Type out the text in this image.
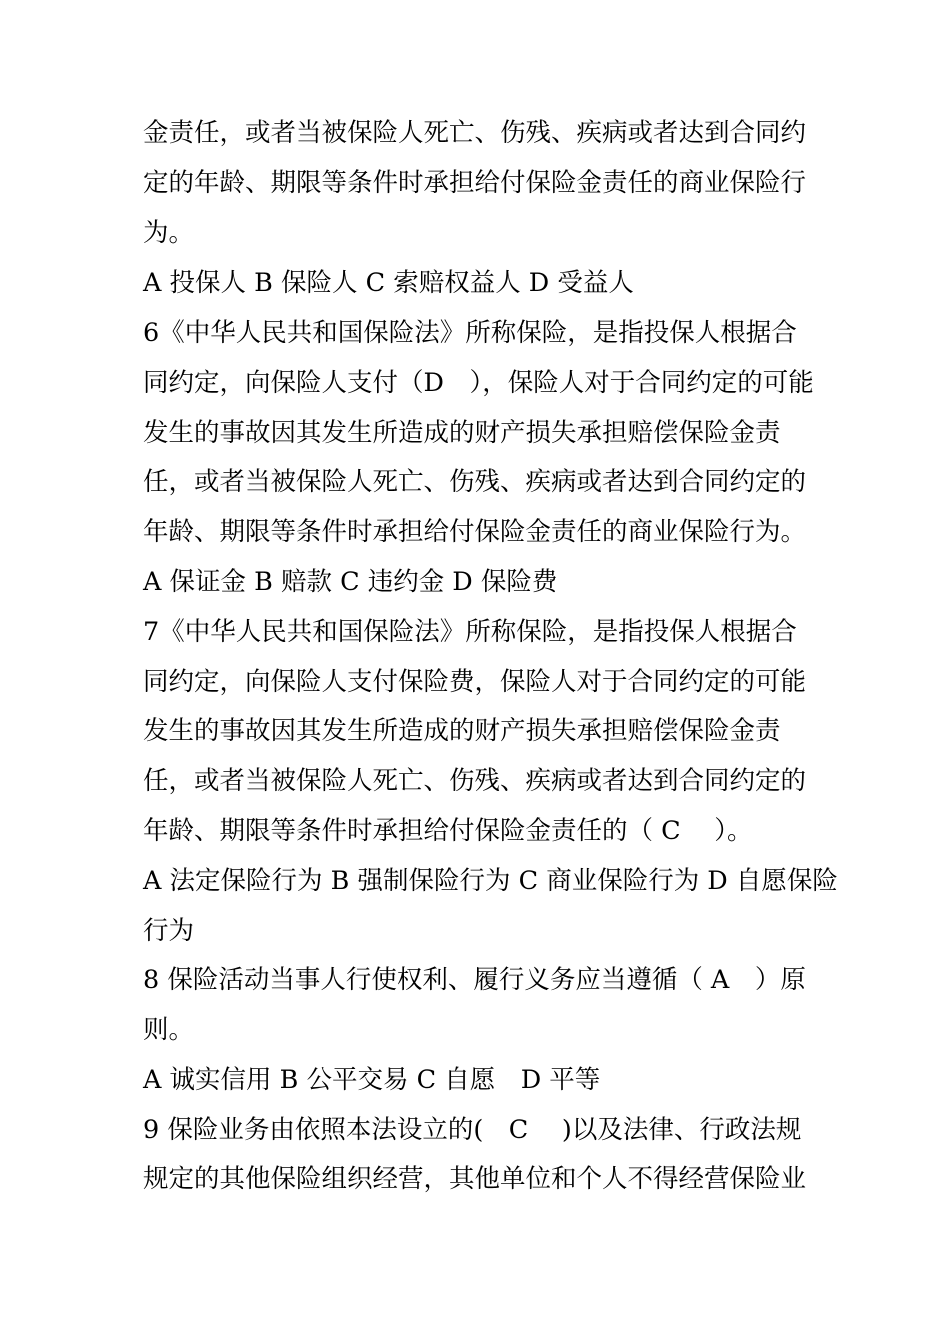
金责任，或者当被保险人死亡、伤残、疾病或者达到合同约
定的年龄、期限等条件时承担给付保险金责任的商业保险行
为。
A 投保人 B 保险人 C 索赔权益人 D 受益人
6《中华人民共和国保险法》所称保险，是指投保人根据合
同约定，向保险人支付（D　），保险人对于合同约定的可能
发生的事故因其发生所造成的财产损失承担赔偿保险金责
任，或者当被保险人死亡、伤残、疾病或者达到合同约定的
年龄、期限等条件时承担给付保险金责任的商业保险行为。
A 保证金 B 赔款 C 违约金 D 保险费
7《中华人民共和国保险法》所称保险，是指投保人根据合
同约定，向保险人支付保险费，保险人对于合同约定的可能
发生的事故因其发生所造成的财产损失承担赔偿保险金责
任，或者当被保险人死亡、伤残、疾病或者达到合同约定的
年龄、期限等条件时承担给付保险金责任的（ C　 ）。
A 法定保险行为 B 强制保险行为 C 商业保险行为 D 自愿保险
行为
8 保险活动当事人行使权利、履行义务应当遵循（ A　）原
则。
A 诚实信用 B 公平交易 C 自愿　D 平等
9 保险业务由依照本法设立的(　C　 )以及法律、行政法规
规定的其他保险组织经营，其他单位和个人不得经营保险业
